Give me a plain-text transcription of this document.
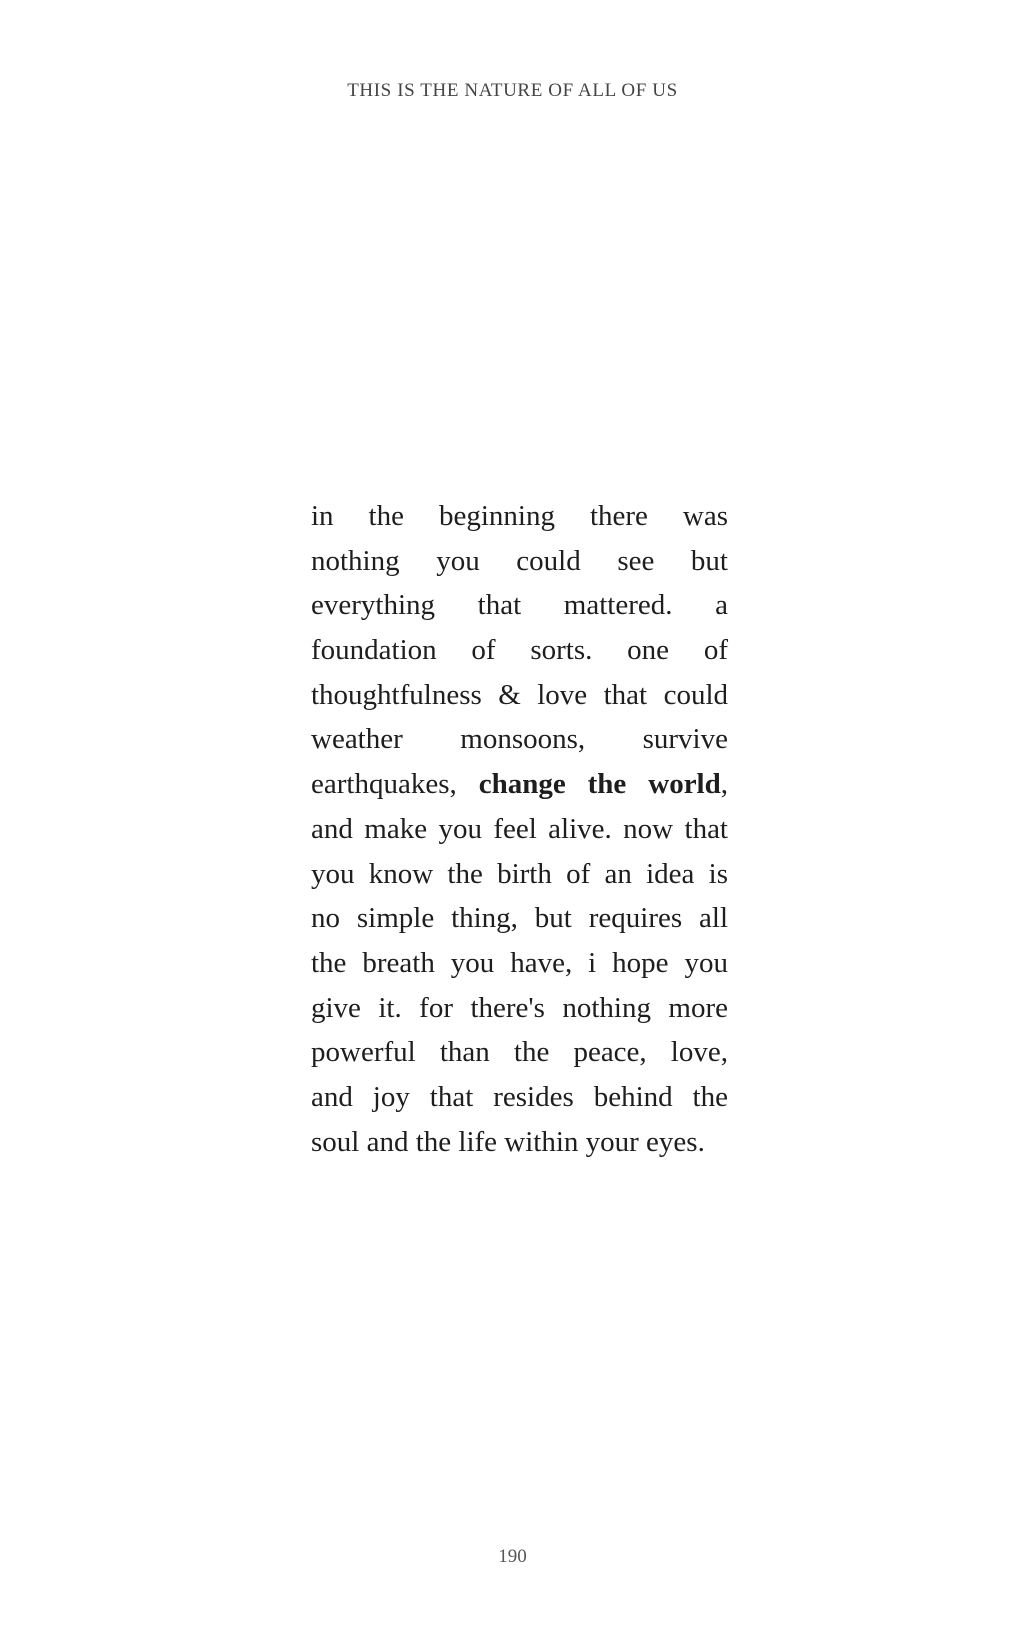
THIS IS THE NATURE OF ALL OF US
in the beginning there was
nothing you could see but
everything that mattered. a
foundation of sorts. one of
thoughtfulness & love that could
weather monsoons, survive
earthquakes, change the world,
and make you feel alive. now that
you know the birth of an idea is
no simple thing, but requires all
the breath you have, i hope you
give it. for there's nothing more
powerful than the peace, love,
and joy that resides behind the
soul and the life within your eyes.
190
